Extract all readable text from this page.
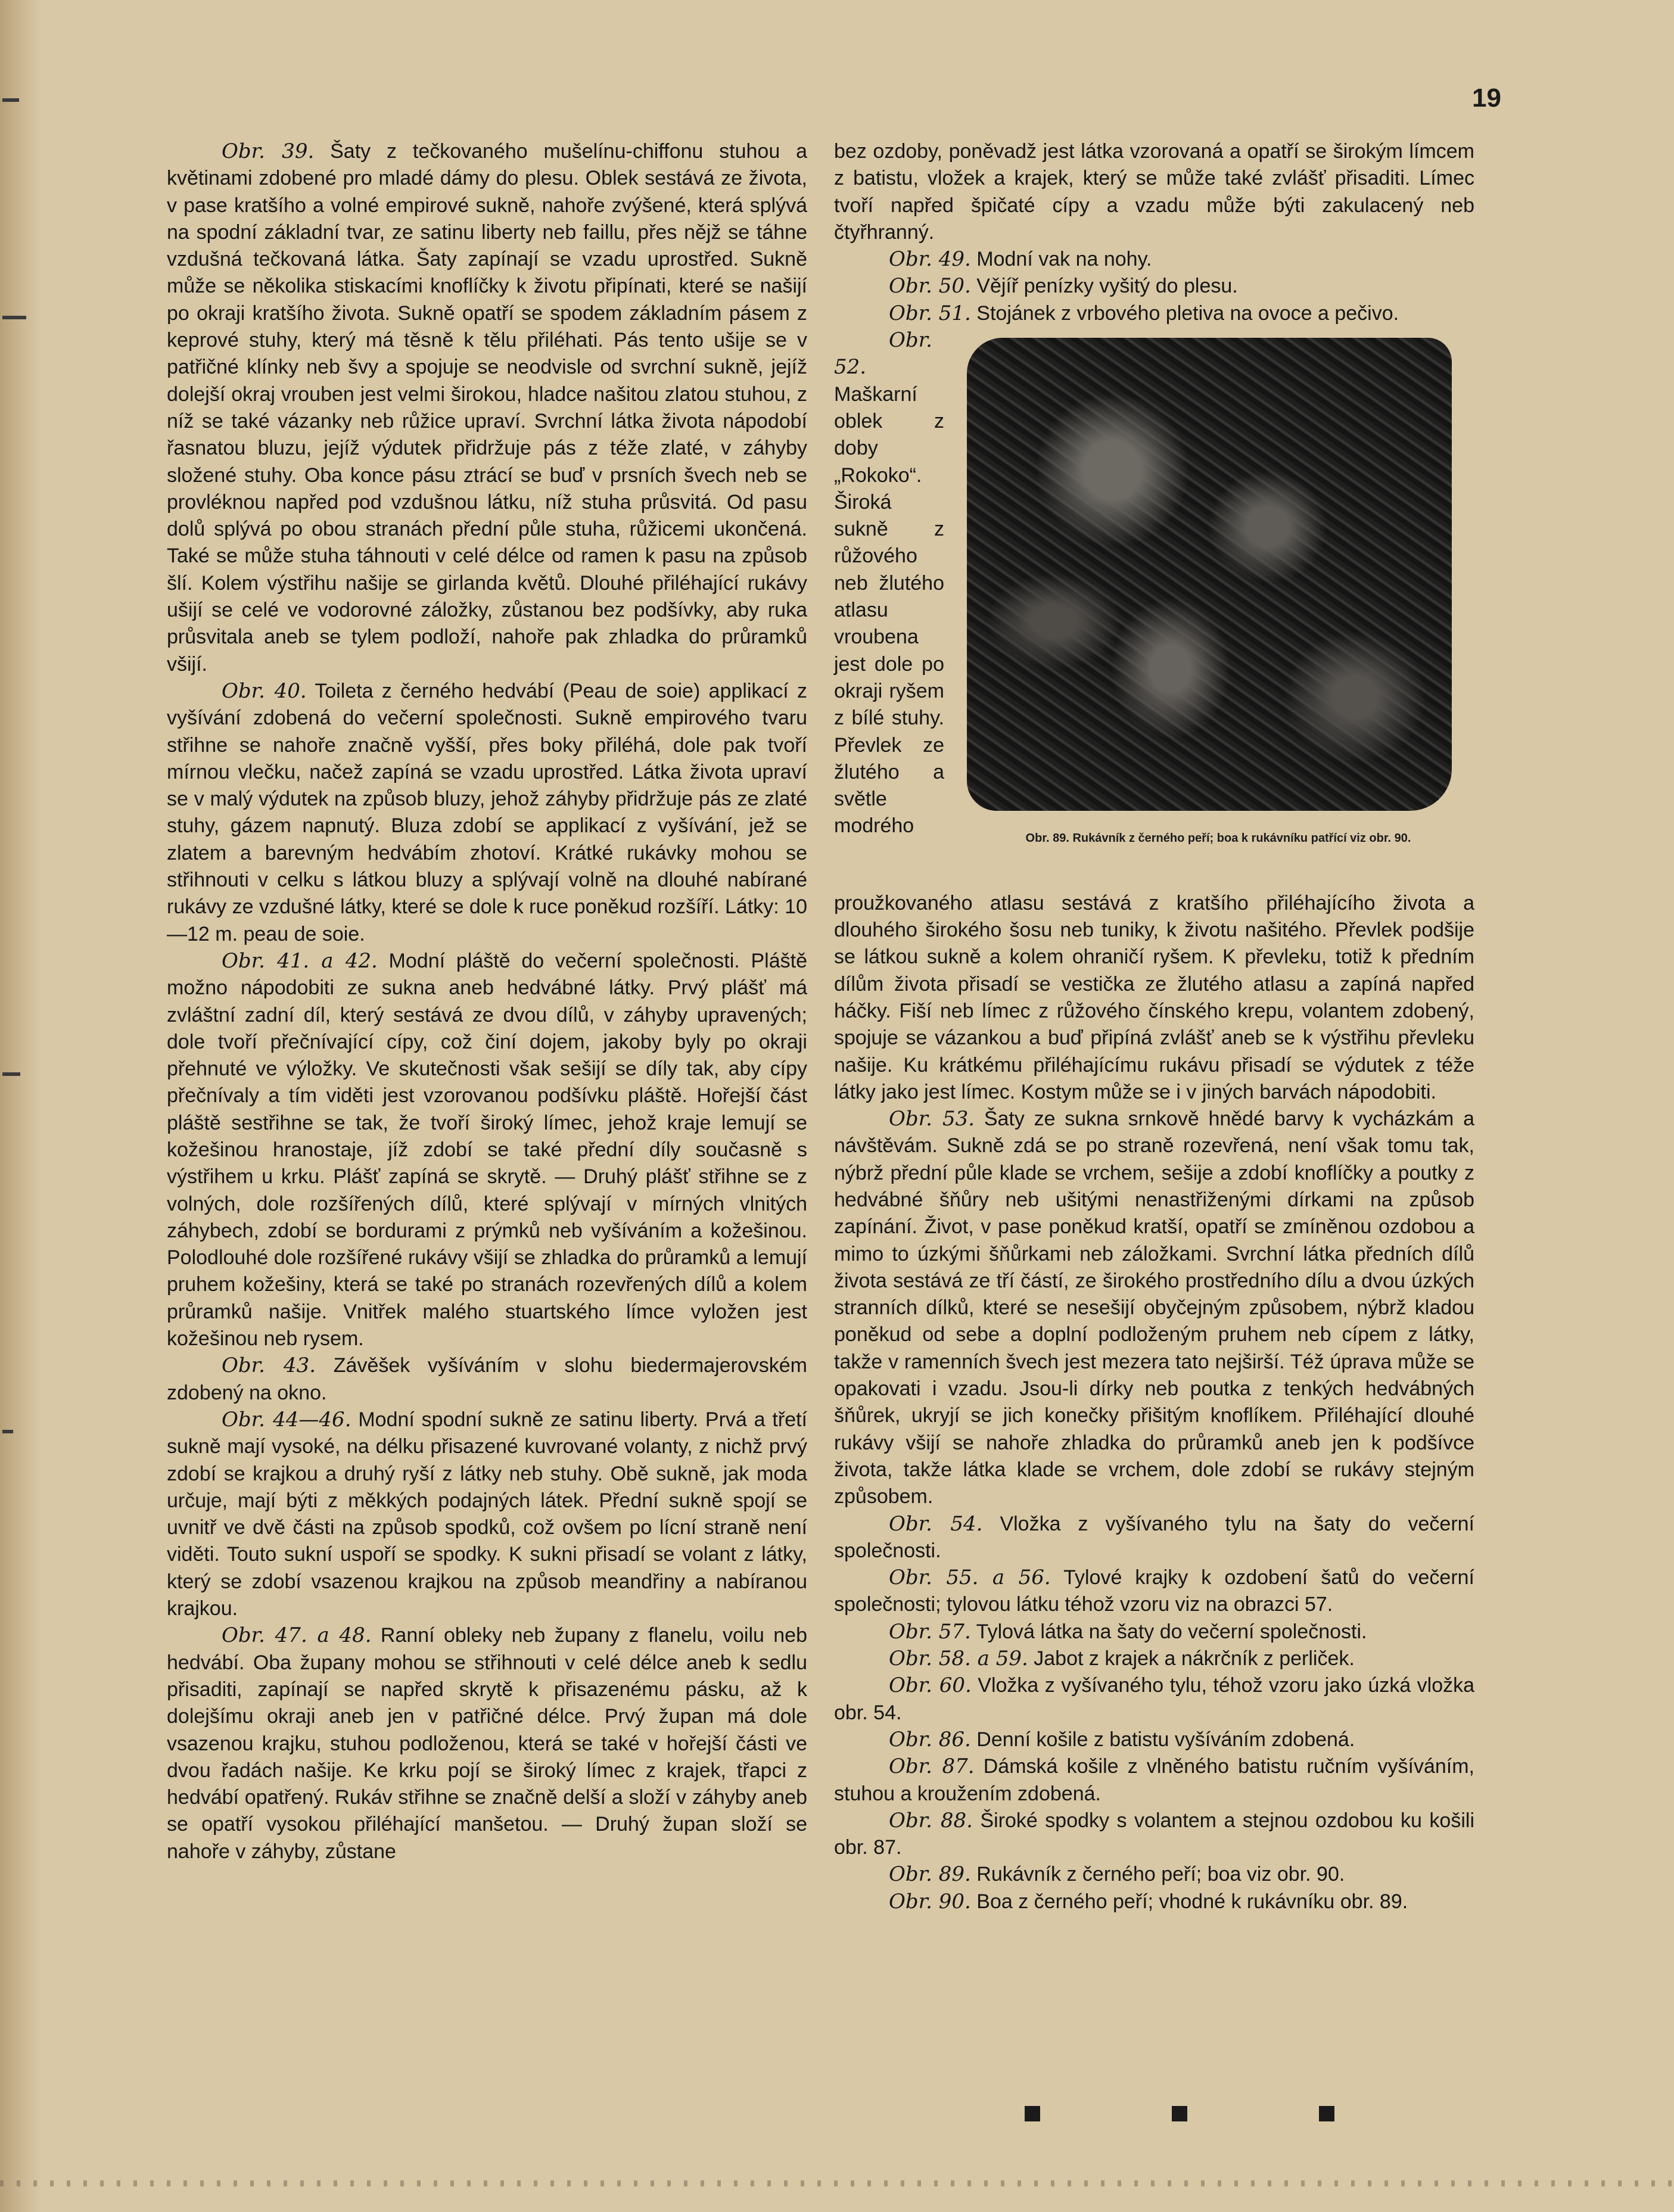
19

Obr. 39. Šaty z tečkovaného mušelínu-chiffonu stuhou a květinami zdobené pro mladé dámy do plesu. Oblek sestává ze života, v pase kratšího a volné empirové sukně, nahoře zvýšené, která splývá na spodní základní tvar, ze satinu liberty neb faillu, přes nějž se táhne vzdušná tečkovaná látka. Šaty zapínají se vzadu uprostřed. Sukně může se několika stiskacími knoflíčky k životu připínati, které se našijí po okraji kratšího života. Sukně opatří se spodem základním pásem z keprové stuhy, který má těsně k tělu přiléhati. Pás tento ušije se v patřičné klínky neb švy a spojuje se neodvisle od svrchní sukně, jejíž dolejší okraj vrouben jest velmi širokou, hladce našitou zlatou stuhou, z níž se také vázanky neb růžice upraví. Svrchní látka života nápodobí řasnatou bluzu, jejíž výdutek přidržuje pás z téže zlaté, v záhyby složené stuhy. Oba konce pásu ztrácí se buď v prsních švech neb se provléknou napřed pod vzdušnou látku, níž stuha průsvitá. Od pasu dolů splývá po obou stranách přední půle stuha, růžicemi ukončená. Také se může stuha táhnouti v celé délce od ramen k pasu na způsob šlí. Kolem výstřihu našije se girlanda květů. Dlouhé přiléhající rukávy ušijí se celé ve vodorovné záložky, zůstanou bez podšívky, aby ruka průsvitala aneb se tylem podloží, nahoře pak zhladka do průramků všijí.

Obr. 40. Toileta z černého hedvábí (Peau de soie) applikací z vyšívání zdobená do večerní společnosti. Sukně empirového tvaru střihne se nahoře značně vyšší, přes boky přiléhá, dole pak tvoří mírnou vlečku, načež zapíná se vzadu uprostřed. Látka života upraví se v malý výdutek na způsob bluzy, jehož záhyby přidržuje pás ze zlaté stuhy, gázem napnutý. Bluza zdobí se applikací z vyšívání, jež se zlatem a barevným hedvábím zhotoví. Krátké rukávky mohou se střihnouti v celku s látkou bluzy a splývají volně na dlouhé nabírané rukávy ze vzdušné látky, které se dole k ruce poněkud rozšíří. Látky: 10—12 m. peau de soie.

Obr. 41. a 42. Modní pláště do večerní společnosti. Pláště možno nápodobiti ze sukna aneb hedvábné látky. Prvý plášť má zvláštní zadní díl, který sestává ze dvou dílů, v záhyby upravených; dole tvoří přečnívající cípy, což činí dojem, jakoby byly po okraji přehnuté ve výložky. Ve skutečnosti však sešijí se díly tak, aby cípy přečnívaly a tím viděti jest vzorovanou podšívku pláště. Hořejší část pláště sestřihne se tak, že tvoří široký límec, jehož kraje lemují se kožešinou hranostaje, jíž zdobí se také přední díly současně s výstřihem u krku. Plášť zapíná se skrytě. — Druhý plášť střihne se z volných, dole rozšířených dílů, které splývají v mírných vlnitých záhybech, zdobí se bordurami z prýmků neb vyšíváním a kožešinou. Polodlouhé dole rozšířené rukávy všijí se zhladka do průramků a lemují pruhem kožešiny, která se také po stranách rozevřených dílů a kolem průramků našije. Vnitřek malého stuartského límce vyložen jest kožešinou neb rysem.

Obr. 43. Závěšek vyšíváním v slohu biedermajerovském zdobený na okno.

Obr. 44—46. Modní spodní sukně ze satinu liberty. Prvá a třetí sukně mají vysoké, na délku přisazené kuvrované volanty, z nichž prvý zdobí se krajkou a druhý ryší z látky neb stuhy. Obě sukně, jak moda určuje, mají býti z měkkých podajných látek. Přední sukně spojí se uvnitř ve dvě části na způsob spodků, což ovšem po lícní straně není viděti. Touto sukní uspoří se spodky. K sukni přisadí se volant z látky, který se zdobí vsazenou krajkou na způsob meandřiny a nabíranou krajkou.

Obr. 47. a 48. Ranní obleky neb župany z flanelu, voilu neb hedvábí. Oba župany mohou se střihnouti v celé délce aneb k sedlu přisaditi, zapínají se napřed skrytě k přisazenému pásku, až k dolejšímu okraji aneb jen v patřičné délce. Prvý župan má dole vsazenou krajku, stuhou podloženou, která se také v hořejší části ve dvou řadách našije. Ke krku pojí se široký límec z krajek, třapci z hedvábí opatřený. Rukáv střihne se značně delší a složí v záhyby aneb se opatří vysokou přiléhající manšetou. — Druhý župan složí se nahoře v záhyby, zůstane

bez ozdoby, poněvadž jest látka vzorovaná a opatří se širokým límcem z batistu, vložek a krajek, který se může také zvlášť přisaditi. Límec tvoří napřed špičaté cípy a vzadu může býti zakulacený neb čtyřhranný.

Obr. 49. Modní vak na nohy.

Obr. 50. Vějíř penízky vyšitý do plesu.

Obr. 51. Stojánek z vrbového pletiva na ovoce a pečivo.

Obr. 89. Rukávník z černého peří; boa k rukávníku patřící viz obr. 90.

Obr. 52. Maškarní oblek z doby „Rokoko“. Široká sukně z růžového neb žlutého atlasu vroubena jest dole po okraji ryšem z bílé stuhy. Převlek ze žlutého a světle modrého proužkovaného atlasu sestává z kratšího přiléhajícího života a dlouhého širokého šosu neb tuniky, k životu našitého. Převlek podšije se látkou sukně a kolem ohraničí ryšem. K převleku, totiž k předním dílům života přisadí se vestička ze žlutého atlasu a zapíná napřed háčky. Fiší neb límec z růžového čínského krepu, volantem zdobený, spojuje se vázankou a buď připíná zvlášť aneb se k výstřihu převleku našije. Ku krátkému přiléhajícímu rukávu přisadí se výdutek z téže látky jako jest límec. Kostym může se i v jiných barvách nápodobiti.

Obr. 53. Šaty ze sukna srnkově hnědé barvy k vycházkám a návštěvám. Sukně zdá se po straně rozevřená, není však tomu tak, nýbrž přední půle klade se vrchem, sešije a zdobí knoflíčky a poutky z hedvábné šňůry neb ušitými nenastřiženými dírkami na způsob zapínání. Život, v pase poněkud kratší, opatří se zmíněnou ozdobou a mimo to úzkými šňůrkami neb záložkami. Svrchní látka předních dílů života sestává ze tří částí, ze širokého prostředního dílu a dvou úzkých stranních dílků, které se nesešijí obyčejným způsobem, nýbrž kladou poněkud od sebe a doplní podloženým pruhem neb cípem z látky, takže v ramenních švech jest mezera tato nejširší. Též úprava může se opakovati i vzadu. Jsou-li dírky neb poutka z tenkých hedvábných šňůrek, ukryjí se jich konečky přišitým knoflíkem. Přiléhající dlouhé rukávy všijí se nahoře zhladka do průramků aneb jen k podšívce života, takže látka klade se vrchem, dole zdobí se rukávy stejným způsobem.

Obr. 54. Vložka z vyšívaného tylu na šaty do večerní společnosti.

Obr. 55. a 56. Tylové krajky k ozdobení šatů do večerní společnosti; tylovou látku téhož vzoru viz na obrazci 57.

Obr. 57. Tylová látka na šaty do večerní společnosti.

Obr. 58. a 59. Jabot z krajek a nákrčník z perliček.

Obr. 60. Vložka z vyšívaného tylu, téhož vzoru jako úzká vložka obr. 54.

Obr. 86. Denní košile z batistu vyšíváním zdobená.

Obr. 87. Dámská košile z vlněného batistu ručním vyšíváním, stuhou a kroužením zdobená.

Obr. 88. Široké spodky s volantem a stejnou ozdobou ku košili obr. 87.

Obr. 89. Rukávník z černého peří; boa viz obr. 90.

Obr. 90. Boa z černého peří; vhodné k rukávníku obr. 89.
